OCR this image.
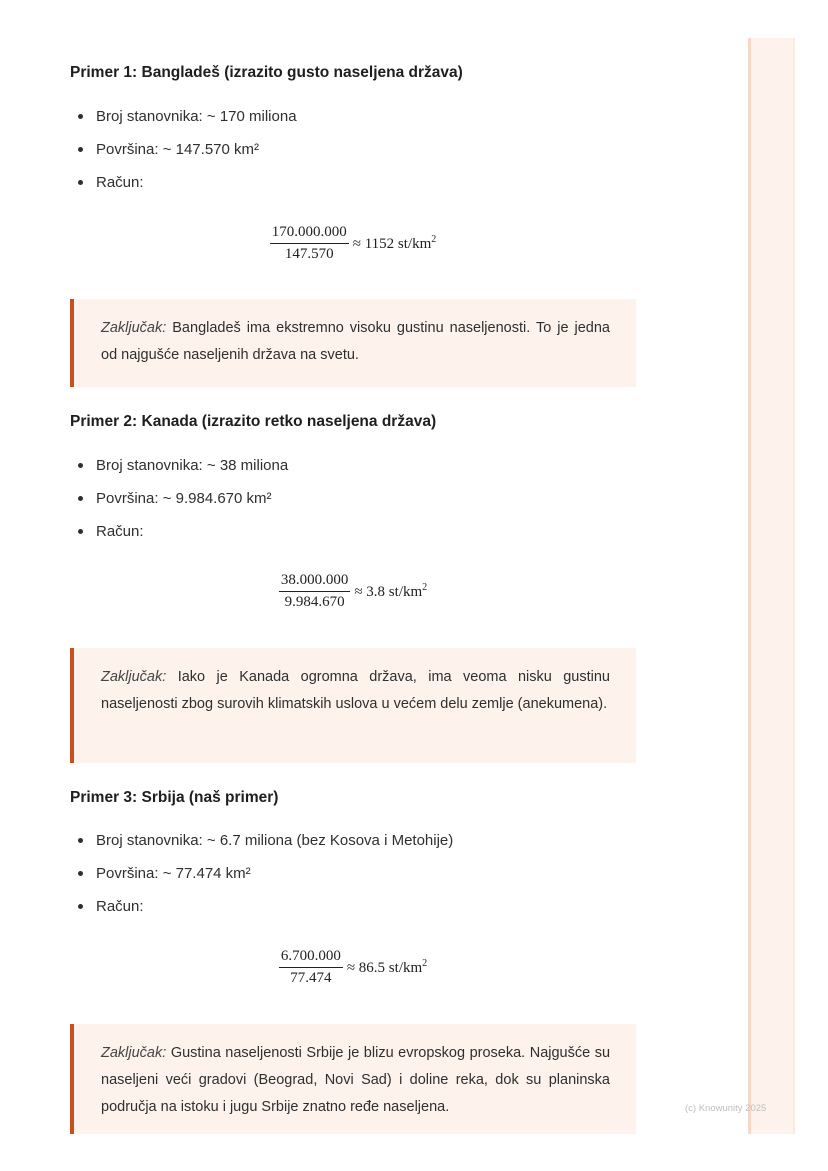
Primer 1: Bangladeš (izrazito gusto naseljena država)
Broj stanovnika: ~ 170 miliona
Površina: ~ 147.570 km²
Račun:
$\frac{170.000.000}{147.570} \approx 1152$ $st/km^2$
Zaključak: Bangladeš ima ekstremno visoku gustinu naseljenosti. To je jedna od najgušće naseljenih država na svetu.
Primer 2: Kanada (izrazito retko naseljena država)
Broj stanovnika: ~ 38 miliona
Površina: ~ 9.984.670 km²
Račun:
$\frac{38.000.000}{9.984.670} \approx 3.8$ $st/km^2$
Zaključak: Iako je Kanada ogromna država, ima veoma nisku gustinu naseljenosti zbog surovih klimatskih uslova u većem delu zemlje (anekumena).
Primer 3: Srbija (naš primer)
Broj stanovnika: ~ 6.7 miliona (bez Kosova i Metohije)
Površina: ~ 77.474 km²
Račun:
$\frac{6.700.000}{77.474} \approx 86.5$ $st/km^2$
Zaključak: Gustina naseljenosti Srbije je blizu evropskog proseka. Najgušće su naseljeni veći gradovi (Beograd, Novi Sad) i doline reka, dok su planinska područja na istoku i jugu Srbije znatno ređe naseljena.	(c) Knowunity 2025
